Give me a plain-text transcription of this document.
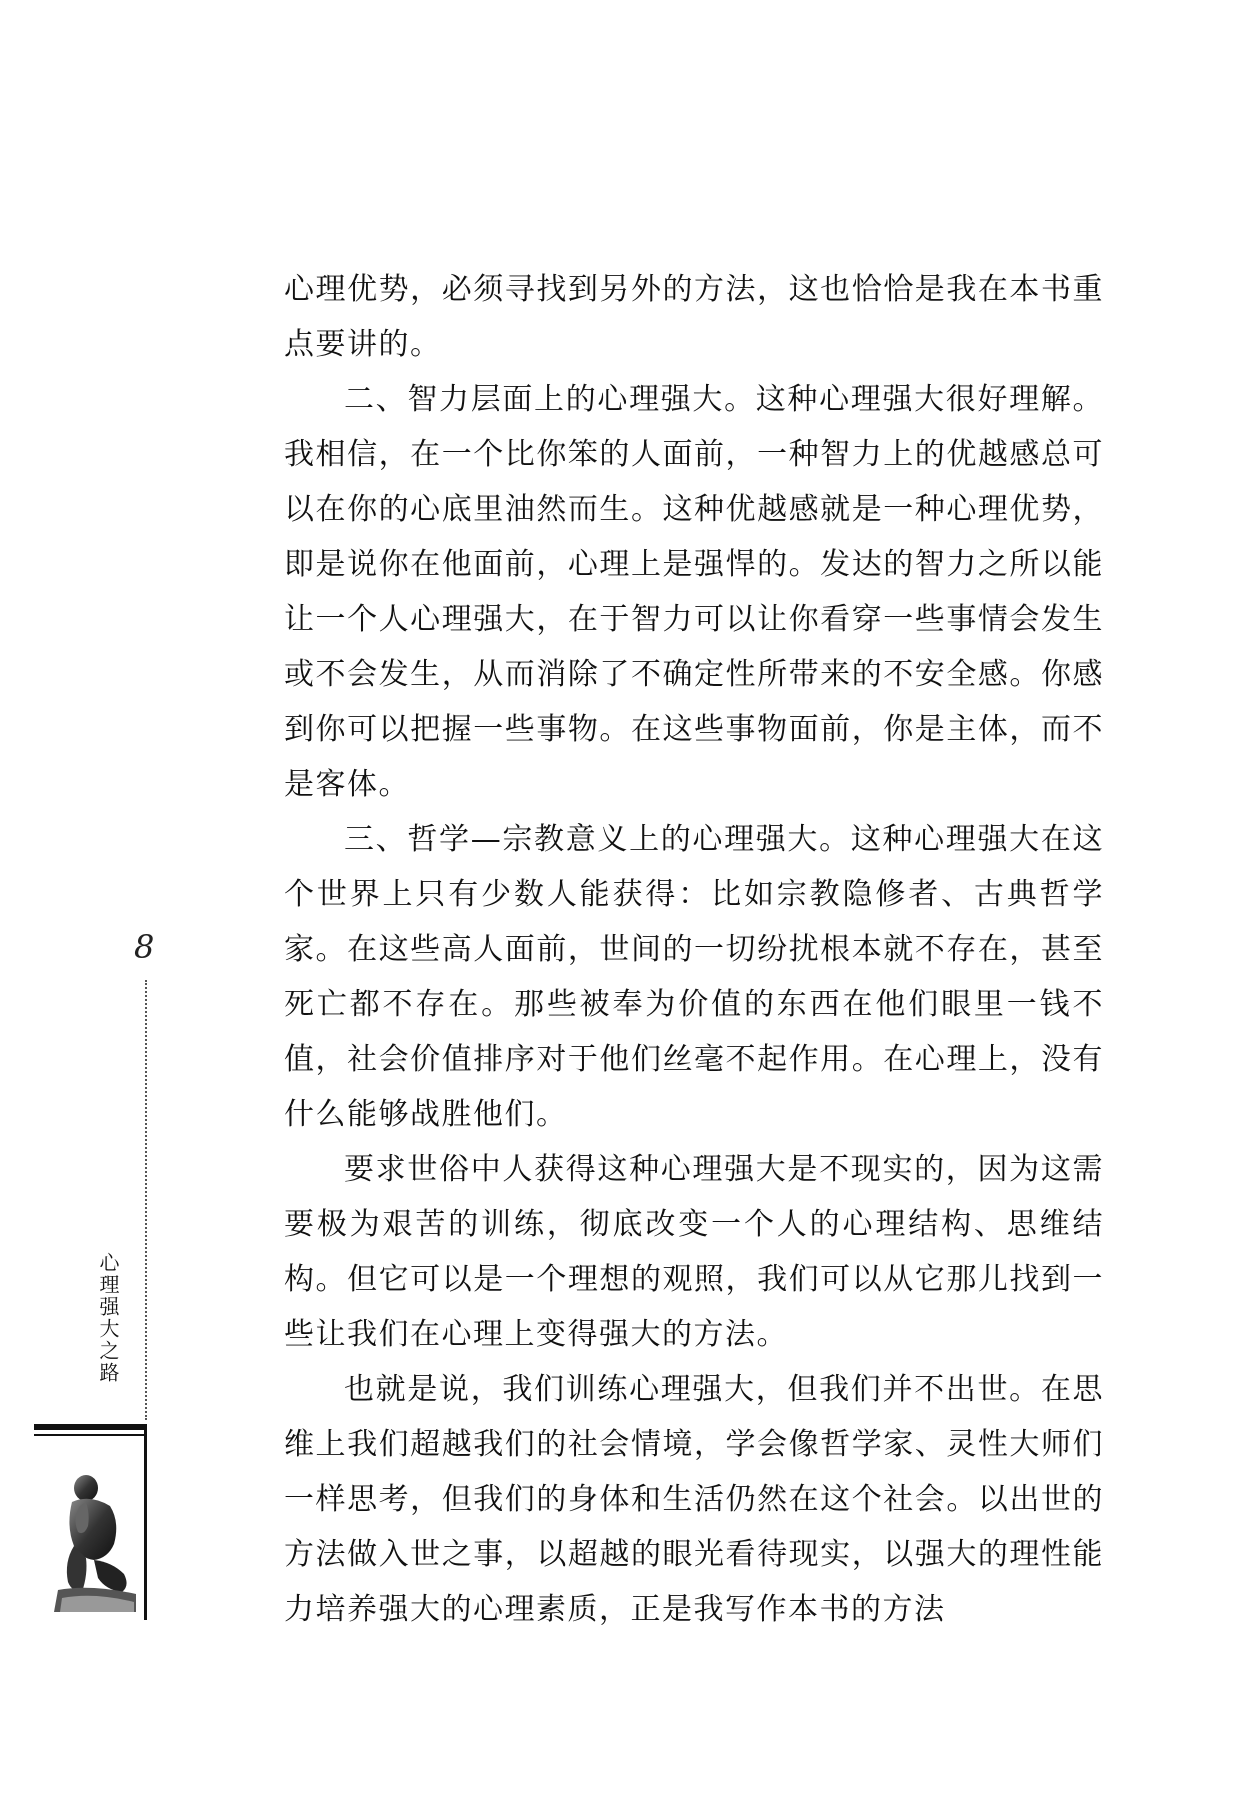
心理优势，必须寻找到另外的方法，这也恰恰是我在本书重点要讲的。

二、智力层面上的心理强大。这种心理强大很好理解。我相信，在一个比你笨的人面前，一种智力上的优越感总可以在你的心底里油然而生。这种优越感就是一种心理优势，即是说你在他面前，心理上是强悍的。发达的智力之所以能让一个人心理强大，在于智力可以让你看穿一些事情会发生或不会发生，从而消除了不确定性所带来的不安全感。你感到你可以把握一些事物。在这些事物面前，你是主体，而不是客体。

三、哲学—宗教意义上的心理强大。这种心理强大在这个世界上只有少数人能获得：比如宗教隐修者、古典哲学家。在这些高人面前，世间的一切纷扰根本就不存在，甚至死亡都不存在。那些被奉为价值的东西在他们眼里一钱不值，社会价值排序对于他们丝毫不起作用。在心理上，没有什么能够战胜他们。

要求世俗中人获得这种心理强大是不现实的，因为这需要极为艰苦的训练，彻底改变一个人的心理结构、思维结构。但它可以是一个理想的观照，我们可以从它那儿找到一些让我们在心理上变得强大的方法。

也就是说，我们训练心理强大，但我们并不出世。在思维上我们超越我们的社会情境，学会像哲学家、灵性大师们一样思考，但我们的身体和生活仍然在这个社会。以出世的方法做入世之事，以超越的眼光看待现实，以强大的理性能力培养强大的心理素质，正是我写作本书的方法

8
心理强大之路
